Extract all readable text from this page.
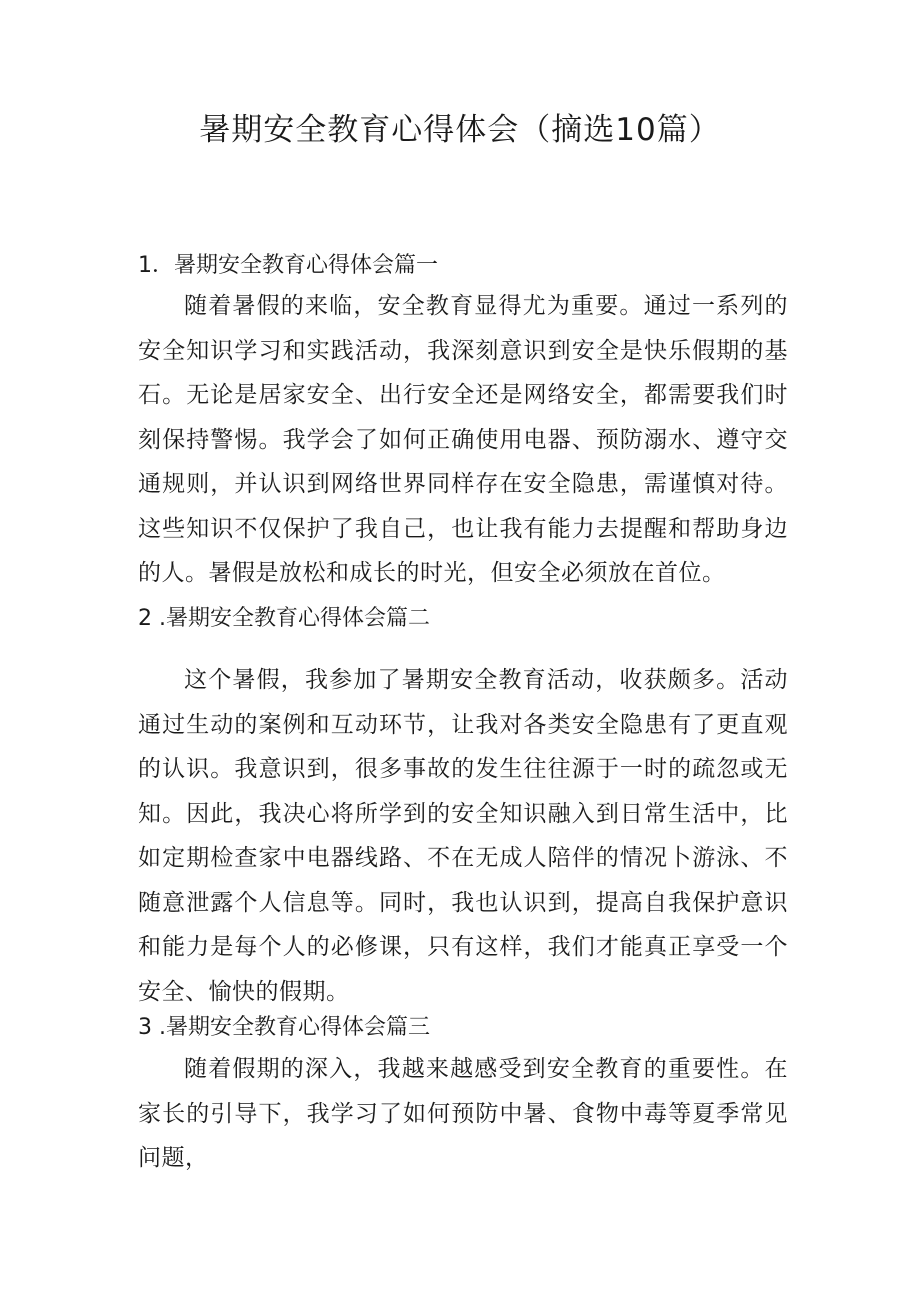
暑期安全教育心得体会（摘选10篇）
1．暑期安全教育心得体会篇一

随着暑假的来临，安全教育显得尤为重要。通过一系列的安全知识学习和实践活动，我深刻意识到安全是快乐假期的基石。无论是居家安全、出行安全还是网络安全，都需要我们时刻保持警惕。我学会了如何正确使用电器、预防溺水、遵守交通规则，并认识到网络世界同样存在安全隐患，需谨慎对待。这些知识不仅保护了我自己，也让我有能力去提醒和帮助身边的人。暑假是放松和成长的时光，但安全必须放在首位。

2 .暑期安全教育心得体会篇二

这个暑假，我参加了暑期安全教育活动，收获颇多。活动通过生动的案例和互动环节，让我对各类安全隐患有了更直观的认识。我意识到，很多事故的发生往往源于一时的疏忽或无知。因此，我决心将所学到的安全知识融入到日常生活中，比如定期检查家中电器线路、不在无成人陪伴的情况卜游泳、不随意泄露个人信息等。同时，我也认识到，提高自我保护意识和能力是每个人的必修课，只有这样，我们才能真正享受一个安全、愉快的假期。

3 .暑期安全教育心得体会篇三

随着假期的深入，我越来越感受到安全教育的重要性。在家长的引导下，我学习了如何预防中暑、食物中毒等夏季常见问题，
